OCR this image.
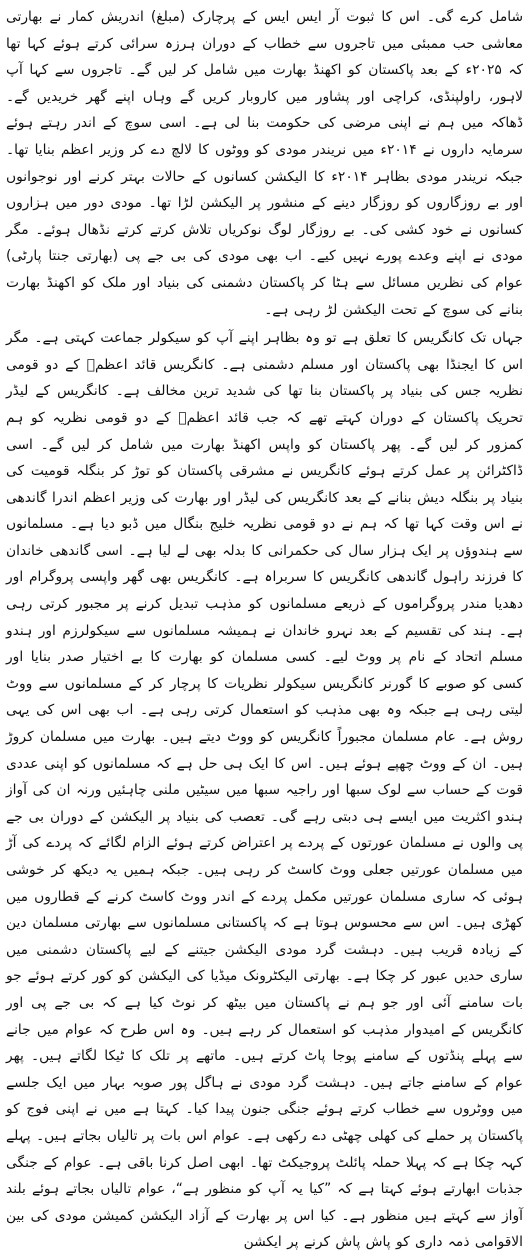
شامل کرے گی۔ اس کا ثبوت آر ایس ایس کے پرچارک (مبلغ) اندریش کمار نے بھارتی معاشی حب ممبئی میں تاجروں سے خطاب کے دوران ہرزہ سرائی کرتے ہوئے کہا تھا کہ ۲۰۲۵ء کے بعد پاکستان کو اکھنڈ بھارت میں شامل کر لیں گے۔ تاجروں سے کہا آپ لاہور، راولپنڈی، کراچی اور پشاور میں کاروبار کریں گے وہاں اپنے گھر خریدیں گے۔ ڈھاکہ میں ہم نے اپنی مرضی کی حکومت بنا لی ہے۔ اسی سوچ کے اندر رہتے ہوئے سرمایہ داروں نے ۲۰۱۴ء میں نریندر مودی کو ووٹوں کا لالچ دے کر وزیر اعظم بنایا تھا۔ جبکہ نریندر مودی بظاہر ۲۰۱۴ء کا الیکشن کسانوں کے حالات بہتر کرنے اور نوجوانوں اور بے روزگاروں کو روزگار دینے کے منشور پر الیکشن لڑا تھا۔ مودی دور میں ہزاروں کسانوں نے خود کشی کی۔ بے روزگار لوگ نوکریاں تلاش کرتے کرتے نڈھال ہوئے۔ مگر مودی نے اپنے وعدے پورے نہیں کیے۔ اب بھی مودی کی بی جے پی (بھارتی جنتا پارٹی) عوام کی نظریں مسائل سے ہٹا کر پاکستان دشمنی کی بنیاد اور ملک کو اکھنڈ بھارت بنانے کی سوچ کے تحت الیکشن لڑ رہی ہے۔

جہاں تک کانگریس کا تعلق ہے تو وہ بظاہر اپنے آپ کو سیکولر جماعت کہتی ہے۔ مگر اس کا ایجنڈا بھی پاکستان اور مسلم دشمنی ہے۔ کانگریس قائد اعظمؒ کے دو قومی نظریہ جس کی بنیاد پر پاکستان بنا تھا کی شدید ترین مخالف ہے۔ کانگریس کے لیڈر تحریک پاکستان کے دوران کہتے تھے کہ جب قائد اعظمؒ کے دو قومی نظریہ کو ہم کمزور کر لیں گے۔ پھر پاکستان کو واپس اکھنڈ بھارت میں شامل کر لیں گے۔ اسی ڈاکٹرائن پر عمل کرتے ہوئے کانگریس نے مشرقی پاکستان کو توڑ کر بنگلہ قومیت کی بنیاد پر بنگلہ دیش بنانے کے بعد کانگریس کی لیڈر اور بھارت کی وزیر اعظم اندرا گاندھی نے اس وقت کہا تھا کہ ہم نے دو قومی نظریہ خلیج بنگال میں ڈبو دیا ہے۔ مسلمانوں سے ہندوؤں پر ایک ہزار سال کی حکمرانی کا بدلہ بھی لے لیا ہے۔ اسی گاندھی خاندان کا فرزند راہول گاندھی کانگریس کا سربراہ ہے۔ کانگریس بھی گھر واپسی پروگرام اور دھدیا مندر پروگراموں کے ذریعے مسلمانوں کو مذہب تبدیل کرنے پر مجبور کرتی رہی ہے۔ ہند کی تقسیم کے بعد نہرو خاندان نے ہمیشہ مسلمانوں سے سیکولرزم اور ہندو مسلم اتحاد کے نام پر ووٹ لیے۔ کسی مسلمان کو بھارت کا بے اختیار صدر بنایا اور کسی کو صوبے کا گورنر کانگریس سیکولر نظریات کا پرچار کر کے مسلمانوں سے ووٹ لیتی رہی ہے جبکہ وہ بھی مذہب کو استعمال کرتی رہی ہے۔ اب بھی اس کی یہی روش ہے۔ عام مسلمان مجبوراً کانگریس کو ووٹ دیتے ہیں۔ بھارت میں مسلمان کروڑ ہیں۔ ان کے ووٹ چھپے ہوئے ہیں۔ اس کا ایک ہی حل ہے کہ مسلمانوں کو اپنی عددی قوت کے حساب سے لوک سبھا اور راجیہ سبھا میں سیٹیں ملنی چاہئیں ورنہ ان کی آواز ہندو اکثریت میں ایسے ہی دبتی رہے گی۔ تعصب کی بنیاد پر الیکشن کے دوران بی جے پی والوں نے مسلمان عورتوں کے پردے پر اعتراض کرتے ہوئے الزام لگائے کہ پردے کی آڑ میں مسلمان عورتیں جعلی ووٹ کاسٹ کر رہی ہیں۔ جبکہ ہمیں یہ دیکھ کر خوشی ہوئی کہ ساری مسلمان عورتیں مکمل پردے کے اندر ووٹ کاسٹ کرنے کے قطاروں میں کھڑی ہیں۔ اس سے محسوس ہوتا ہے کہ پاکستانی مسلمانوں سے بھارتی مسلمان دین کے زیادہ قریب ہیں۔ دہشت گرد مودی الیکشن جیتنے کے لیے پاکستان دشمنی میں ساری حدیں عبور کر چکا ہے۔ بھارتی الیکٹرونک میڈیا کی الیکشن کو کور کرتے ہوئے جو بات سامنے آئی اور جو ہم نے پاکستان میں بیٹھ کر نوٹ کیا ہے کہ بی جے پی اور کانگریس کے امیدوار مذہب کو استعمال کر رہے ہیں۔ وہ اس طرح کہ عوام میں جانے سے پہلے پنڈتوں کے سامنے پوجا پاٹ کرتے ہیں۔ ماتھے پر تلک کا ٹیکا لگاتے ہیں۔ پھر عوام کے سامنے جاتے ہیں۔ دہشت گرد مودی نے ہاگل پور صوبہ بہار میں ایک جلسے میں ووٹروں سے خطاب کرتے ہوئے جنگی جنون پیدا کیا۔ کہتا ہے میں نے اپنی فوج کو پاکستان پر حملے کی کھلی چھٹی دے رکھی ہے۔ عوام اس بات پر تالیاں بجاتے ہیں۔ پہلے کہہ چکا ہے کہ پہلا حملہ پائلٹ پروجیکٹ تھا۔ ابھی اصل کرنا باقی ہے۔ عوام کے جنگی جذبات ابھارتے ہوئے کہتا ہے کہ ”کیا یہ آپ کو منظور ہے“، عوام تالیاں بجاتے ہوئے بلند آواز سے کہتے ہیں منظور ہے۔ کیا اس پر بھارت کے آزاد الیکشن کمیشن مودی کی بین الاقوامی ذمہ داری کو پاش پاش کرنے پر ایکشن
